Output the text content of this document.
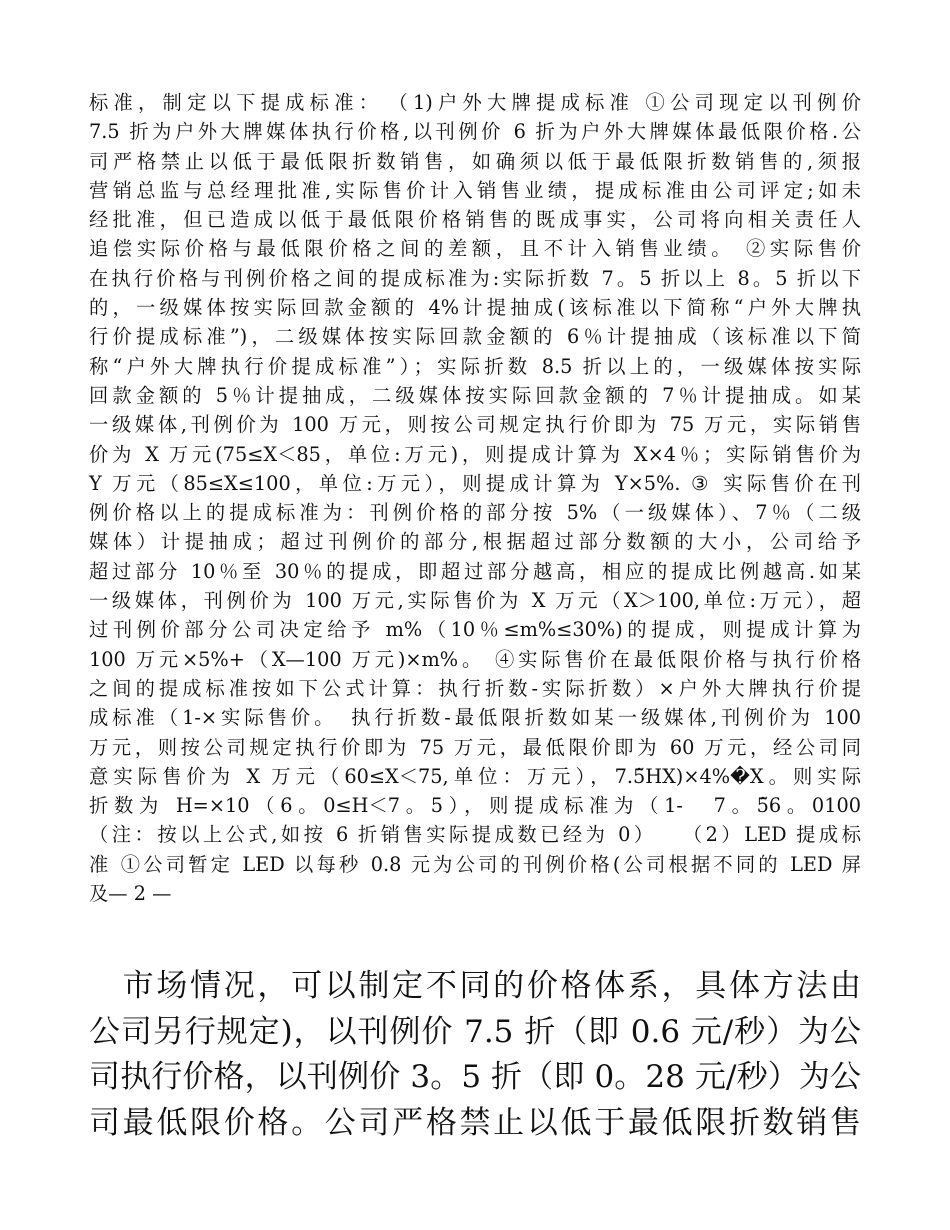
标准，制定以下提成标准：　（1)户外大牌提成标准 ①公司现定以刊例价

7.5 折为户外大牌媒体执行价格,以刊例价 6 折为户外大牌媒体最低限价格.公

司严格禁止以低于最低限折数销售，如确须以低于最低限折数销售的,须报

营销总监与总经理批准,实际售价计入销售业绩，提成标准由公司评定;如未

经批准，但已造成以低于最低限价格销售的既成事实，公司将向相关责任人

追偿实际价格与最低限价格之间的差额，且不计入销售业绩。 ②实际售价

在执行价格与刊例价格之间的提成标准为:实际折数 7。5 折以上 8。5 折以下

的，一级媒体按实际回款金额的 4%计提抽成(该标准以下简称“户外大牌执

行价提成标准”)，二级媒体按实际回款金额的 6％计提抽成（该标准以下简

称“户外大牌执行价提成标准”）；实际折数 8.5 折以上的，一级媒体按实际

回款金额的 5％计提抽成，二级媒体按实际回款金额的 7％计提抽成。如某

一级媒体,刊例价为 100 万元，则按公司规定执行价即为 75 万元，实际销售

价为 X 万元(75≤X＜85，单位:万元)，则提成计算为 X×4％；实际销售价为

Y 万元（85≤X≤100，单位:万元），则提成计算为 Y×5%. ③ 实际售价在刊

例价格以上的提成标准为：刊例价格的部分按 5%（一级媒体）、7％（二级

媒体）计提抽成；超过刊例价的部分,根据超过部分数额的大小，公司给予

超过部分 10％至 30％的提成，即超过部分越高，相应的提成比例越高.如某

一级媒体，刊例价为 100 万元,实际售价为 X 万元（X＞100,单位:万元），超

过刊例价部分公司决定给予 m%（10％≤m%≤30%)的提成，则提成计算为

100 万元×5%+（X—100 万元)×m%。 ④实际售价在最低限价格与执行价格

之间的提成标准按如下公式计算：执行折数-实际折数）×户外大牌执行价提

成标准（1-×实际售价。　执行折数-最低限折数如某一级媒体,刊例价为 100

万元，则按公司规定执行价即为 75 万元，最低限价即为 60 万元，经公司同

意实际售价为 X 万元（60≤X＜75,单位：万元），7.5̃HX)×4%�X。则实际

折数为 H=×10（6。0≤H＜7。5），则提成标准为（1-　7。5̃6。0100

（注：按以上公式,如按 6 折销售实际提成数已经为 0）　　（2）LED 提成标

准 ①公司暂定 LED 以每秒 0.8 元为公司的刊例价格(公司根据不同的 LED 屏

及— 2 —

　市场情况，可以制定不同的价格体系，具体方法由

公司另行规定)，以刊例价 7.5 折（即 0.6 元/秒）为公

司执行价格，以刊例价 3。5 折（即 0。28 元/秒）为公

司最低限价格。公司严格禁止以低于最低限折数销售
